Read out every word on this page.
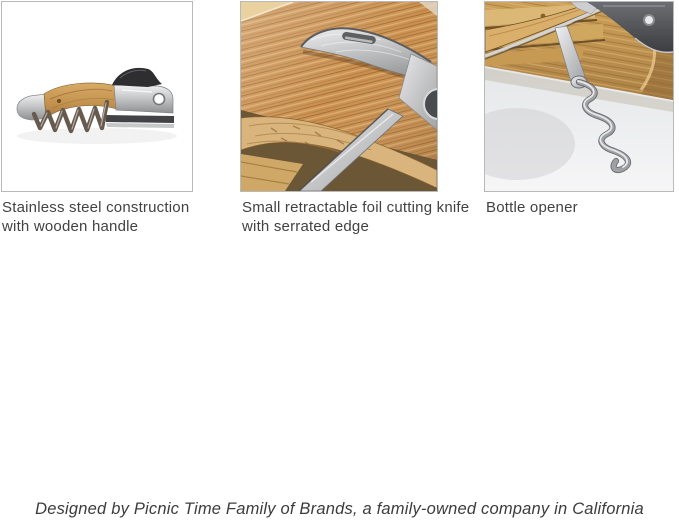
Stainless steel construction
with wooden handle
Small retractable foil cutting knife
with serrated edge
Bottle opener
Designed by Picnic Time Family of Brands, a family-owned company in California
